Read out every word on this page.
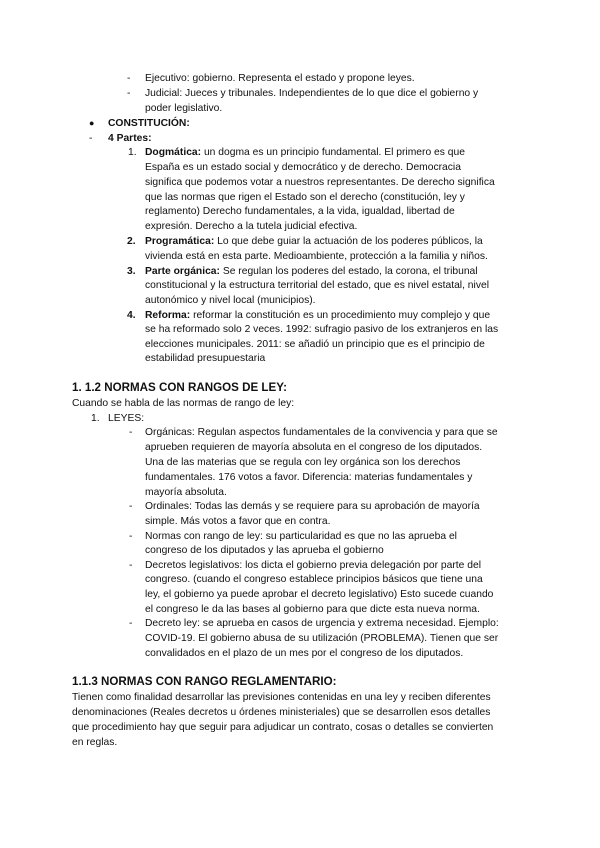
- Ejecutivo: gobierno. Representa el estado y propone leyes.
- Judicial: Jueces y tribunales. Independientes de lo que dice el gobierno y
poder legislativo.
● CONSTITUCIÓN:
- 4 Partes:
1. Dogmática: un dogma es un principio fundamental. El primero es que
España es un estado social y democrático y de derecho. Democracia
significa que podemos votar a nuestros representantes. De derecho significa
que las normas que rigen el Estado son el derecho (constitución, ley y
reglamento) Derecho fundamentales, a la vida, igualdad, libertad de
expresión. Derecho a la tutela judicial efectiva.
2. Programática: Lo que debe guiar la actuación de los poderes públicos, la
vivienda está en esta parte. Medioambiente, protección a la familia y niños.
3. Parte orgánica: Se regulan los poderes del estado, la corona, el tribunal
constitucional y la estructura territorial del estado, que es nivel estatal, nivel
autonómico y nivel local (municipios).
4. Reforma: reformar la constitución es un procedimiento muy complejo y que
se ha reformado solo 2 veces. 1992: sufragio pasivo de los extranjeros en las
elecciones municipales. 2011: se añadió un principio que es el principio de
estabilidad presupuestaria
1. 1.2 NORMAS CON RANGOS DE LEY:
Cuando se habla de las normas de rango de ley:
1. LEYES:
- Orgánicas: Regulan aspectos fundamentales de la convivencia y para que se
aprueben requieren de mayoría absoluta en el congreso de los diputados.
Una de las materias que se regula con ley orgánica son los derechos
fundamentales. 176 votos a favor. Diferencia: materias fundamentales y
mayoría absoluta.
- Ordinales: Todas las demás y se requiere para su aprobación de mayoría
simple. Más votos a favor que en contra.
- Normas con rango de ley: su particularidad es que no las aprueba el
congreso de los diputados y las aprueba el gobierno
- Decretos legislativos: los dicta el gobierno previa delegación por parte del
congreso. (cuando el congreso establece principios básicos que tiene una
ley, el gobierno ya puede aprobar el decreto legislativo) Esto sucede cuando
el congreso le da las bases al gobierno para que dicte esta nueva norma.
- Decreto ley: se aprueba en casos de urgencia y extrema necesidad. Ejemplo:
COVID-19. El gobierno abusa de su utilización (PROBLEMA). Tienen que ser
convalidados en el plazo de un mes por el congreso de los diputados.
1.1.3 NORMAS CON RANGO REGLAMENTARIO:
Tienen como finalidad desarrollar las previsiones contenidas en una ley y reciben diferentes
denominaciones (Reales decretos u órdenes ministeriales) que se desarrollen esos detalles
que procedimiento hay que seguir para adjudicar un contrato, cosas o detalles se convierten
en reglas.
